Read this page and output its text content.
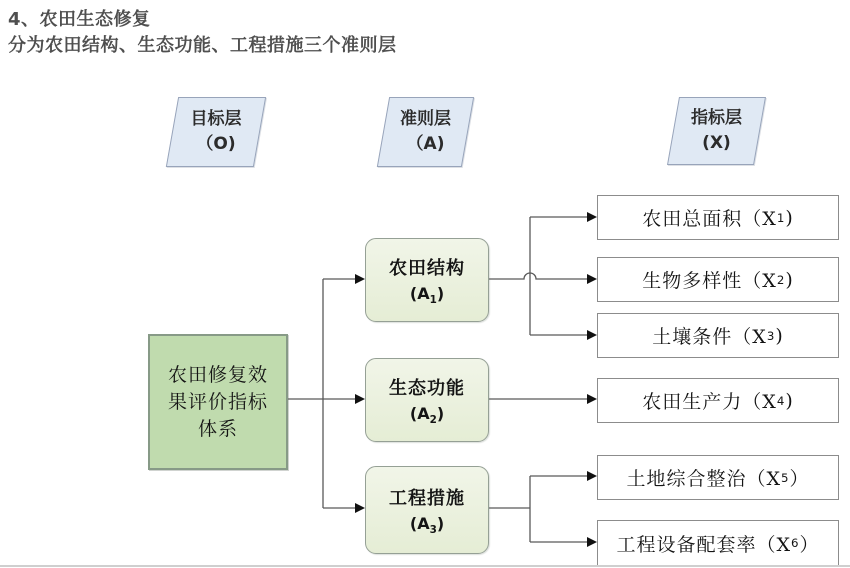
4、农田生态修复
分为农田结构、生态功能、工程措施三个准则层
目标层
（O)
准则层
（A)
指标层
(X)
农田修复效
果评价指标
体系
农田结构
$(A_1)$
生态功能
$(A_2)$
工程措施
$(A_3)$
农田总面积 （X 1 )
生物多样性 （X 2 )
土壤条件 （X 3 )
农田生产力 （X 4 )
土地综合整治 （X 5 ）
工程设备配套率 （X 6 ）
